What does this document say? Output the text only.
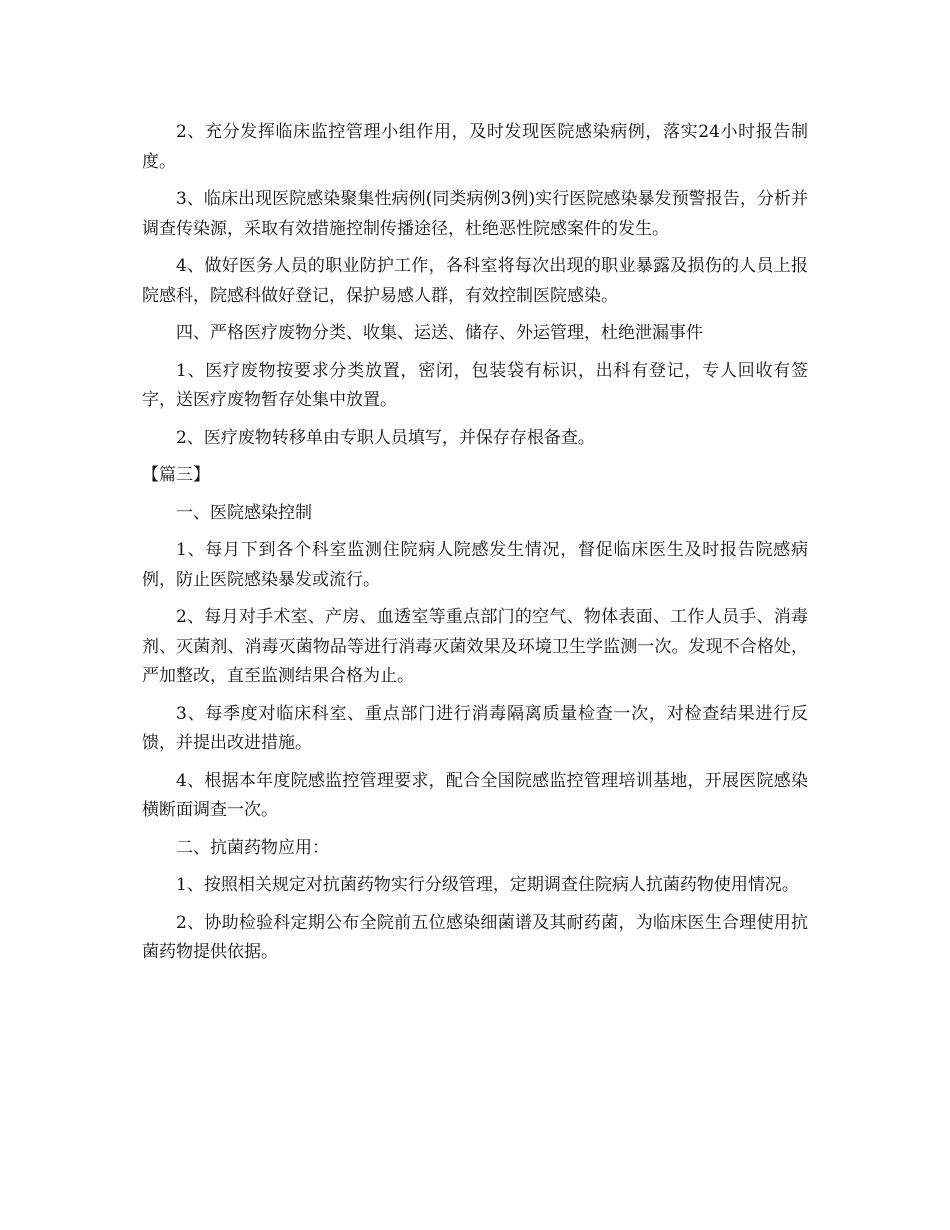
2、充分发挥临床监控管理小组作用，及时发现医院感染病例，落实24小时报告制度。

3、临床出现医院感染聚集性病例(同类病例3例)实行医院感染暴发预警报告，分析并调查传染源，采取有效措施控制传播途径，杜绝恶性院感案件的发生。

4、做好医务人员的职业防护工作，各科室将每次出现的职业暴露及损伤的人员上报院感科，院感科做好登记，保护易感人群，有效控制医院感染。

四、严格医疗废物分类、收集、运送、储存、外运管理，杜绝泄漏事件

1、医疗废物按要求分类放置，密闭，包装袋有标识，出科有登记，专人回收有签字，送医疗废物暂存处集中放置。

2、医疗废物转移单由专职人员填写，并保存存根备查。

【篇三】

一、医院感染控制

1、每月下到各个科室监测住院病人院感发生情况，督促临床医生及时报告院感病例，防止医院感染暴发或流行。

2、每月对手术室、产房、血透室等重点部门的空气、物体表面、工作人员手、消毒剂、灭菌剂、消毒灭菌物品等进行消毒灭菌效果及环境卫生学监测一次。发现不合格处，严加整改，直至监测结果合格为止。

3、每季度对临床科室、重点部门进行消毒隔离质量检查一次，对检查结果进行反馈，并提出改进措施。

4、根据本年度院感监控管理要求，配合全国院感监控管理培训基地，开展医院感染横断面调查一次。

二、抗菌药物应用：

1、按照相关规定对抗菌药物实行分级管理，定期调查住院病人抗菌药物使用情况。

2、协助检验科定期公布全院前五位感染细菌谱及其耐药菌，为临床医生合理使用抗菌药物提供依据。
